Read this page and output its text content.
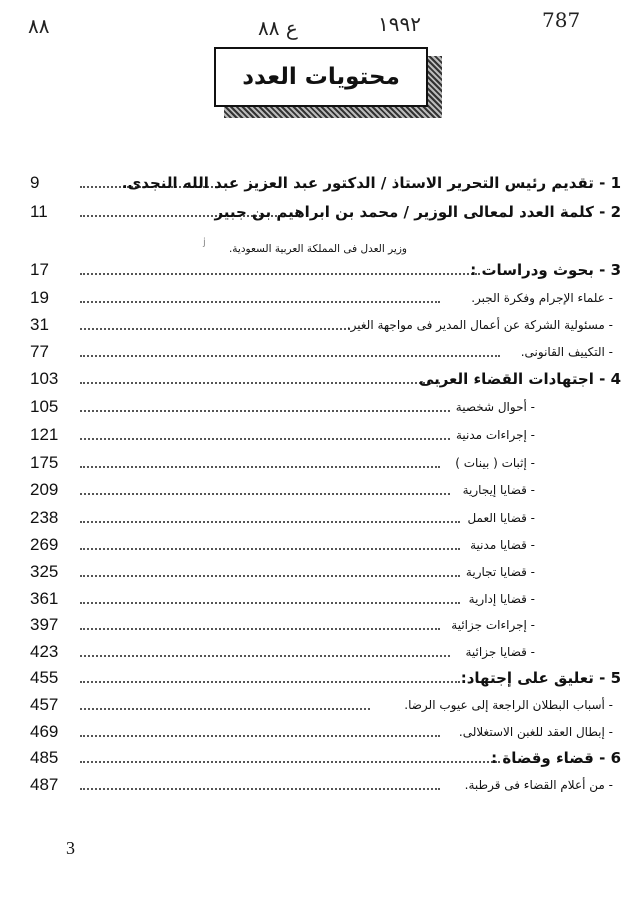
٨٨	ع ٨٨	١٩٩٢	787
محتويات العدد
9	1 - تقديم رئيس التحرير الاستاذ / الدكتور عبد العزيز عبد الله النجدى.
11	2 - كلمة العدد لمعالى الوزير / محمد بن ابراهيم بن جبير
j
وزير العدل فى المملكة العربية السعودية.
17	3 - بحوث ودراسات :
19	- علماء الإجرام وفكرة الجبر.
31	- مسئولية الشركة عن أعمال المدير فى مواجهة الغير.
77	- التكييف القانونى.
103	4 - اجتهادات القضاء العربى
105	- أحوال شخصية
121	- إجراءات مدنية
175	- إثبات ( بينات )
209	- قضايا إيجارية
238	- قضايا العمل
269	- قضايا مدنية
325	- قضايا تجارية
361	- قضايا إدارية
397	- إجراءات جزائية
423	- قضايا جزائية
455	5 - تعليق على إجتهاد:
457	- أسباب البطلان الراجعة إلى عيوب الرضا.
469	- إبطال العقد للغبن الاستغلالى.
485	6 - قضاء وقضاة :
487	- من أعلام القضاء فى قرطبة.
3
